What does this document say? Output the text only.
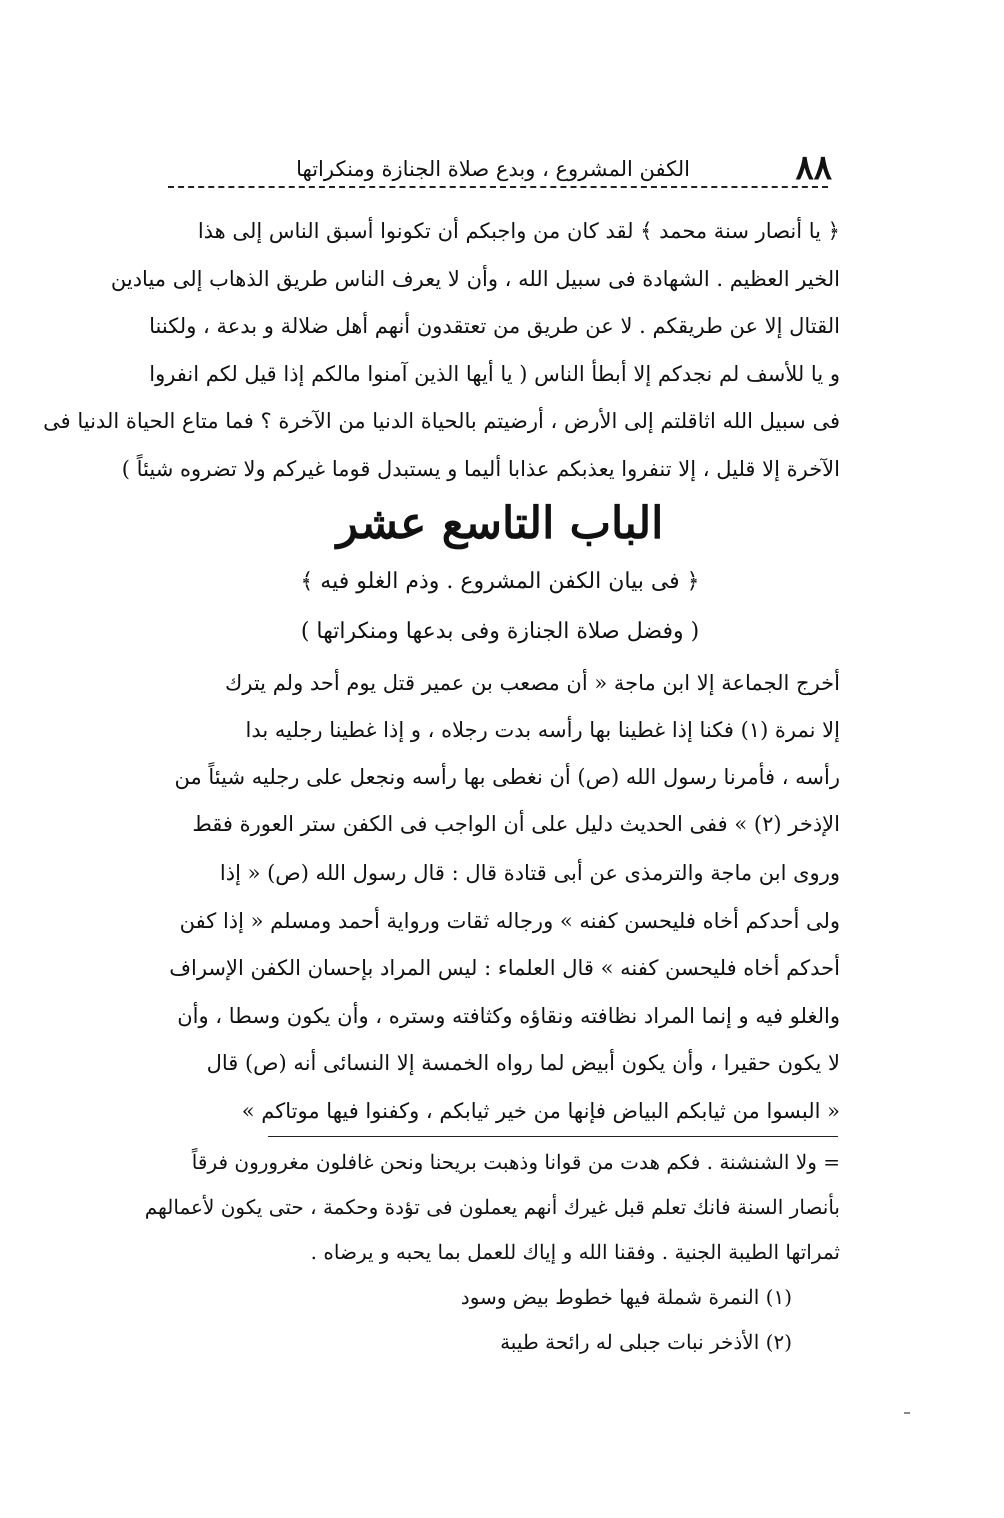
٨٨
الكفن المشروع ، وبدع صلاة الجنازة ومنكراتها
﴿ يا أنصار سنة محمد ﴾ لقد كان من واجبكم أن تكونوا أسبق الناس إلى هذا
الخير العظيم . الشهادة فى سبيل الله ، وأن لا يعرف الناس طريق الذهاب إلى ميادين
القتال إلا عن طريقكم . لا عن طريق من تعتقدون أنهم أهل ضلالة و بدعة ، ولكننا
و يا للأسف لم نجدكم إلا أبطأ الناس ( يا أيها الذين آمنوا مالكم إذا قيل لكم انفروا
فى سبيل الله اثاقلتم إلى الأرض ، أرضيتم بالحياة الدنيا من الآخرة ؟ فما متاع الحياة الدنيا فى
الآخرة إلا قليل ، إلا تنفروا يعذبكم عذابا أليما و يستبدل قوما غيركم ولا تضروه شيئاً )
الباب التاسع عشر
﴿ فى بيان الكفن المشروع . وذم الغلو فيه ﴾
( وفضل صلاة الجنازة وفى بدعها ومنكراتها )
أخرج الجماعة إلا ابن ماجة « أن مصعب بن عمير قتل يوم أحد ولم يترك
إلا نمرة (١) فكنا إذا غطينا بها رأسه بدت رجلاه ، و إذا غطينا رجليه بدا
رأسه ، فأمرنا رسول الله (ص) أن نغطى بها رأسه ونجعل على رجليه شيئاً من
الإذخر (٢) » ففى الحديث دليل على أن الواجب فى الكفن ستر العورة فقط
وروى ابن ماجة والترمذى عن أبى قتادة قال : قال رسول الله (ص) « إذا
ولى أحدكم أخاه فليحسن كفنه » ورجاله ثقات ورواية أحمد ومسلم « إذا كفن
أحدكم أخاه فليحسن كفنه » قال العلماء : ليس المراد بإحسان الكفن الإسراف
والغلو فيه و إنما المراد نظافته ونقاؤه وكثافته وستره ، وأن يكون وسطا ، وأن
لا يكون حقيرا ، وأن يكون أبيض لما رواه الخمسة إلا النسائى أنه (ص) قال
« البسوا من ثيابكم البياض فإنها من خير ثيابكم ، وكفنوا فيها موتاكم »
= ولا الشنشنة . فكم هدت من قوانا وذهبت بريحنا ونحن غافلون مغرورون فرقاً
بأنصار السنة فانك تعلم قبل غيرك أنهم يعملون فى تؤدة وحكمة ، حتى يكون لأعمالهم
ثمراتها الطيبة الجنية . وفقنا الله و إياك للعمل بما يحبه و يرضاه .
(١) النمرة شملة فيها خطوط بيض وسود
(٢) الأذخر نبات جبلى له رائحة طيبة
